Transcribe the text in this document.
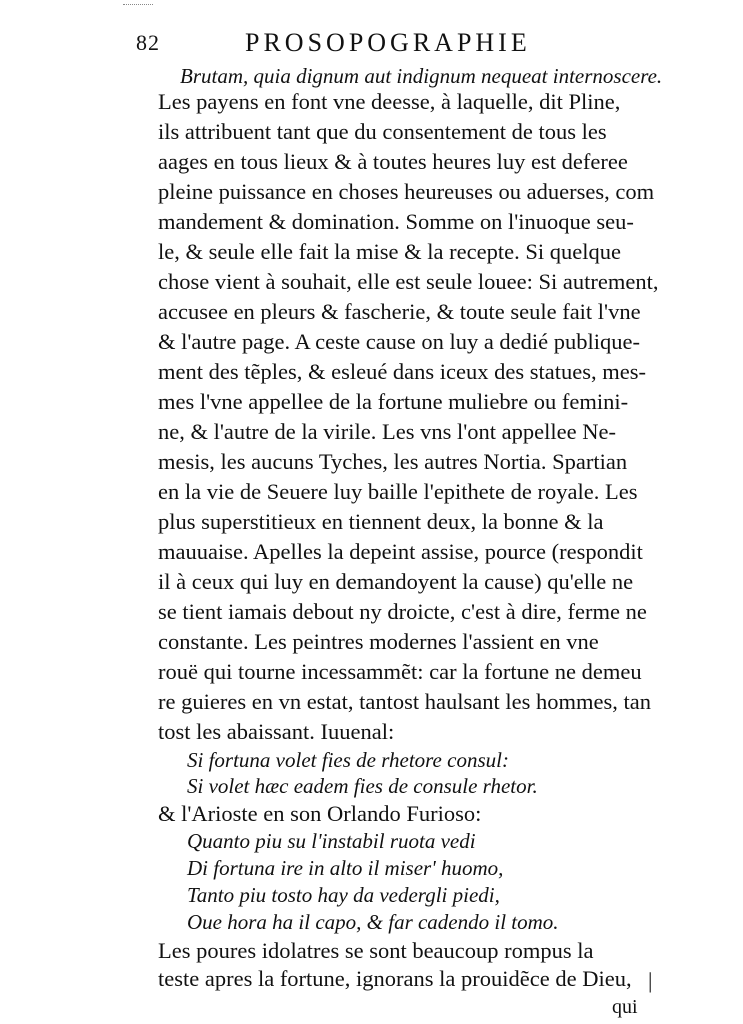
82	PROSOPOGRAPHIE
Brutam, quia dignum aut indignum nequeat internoscere.
Les payens en font vne deesse, à laquelle, dit Pline,
ils attribuent tant que du consentement de tous les
aages en tous lieux & à toutes heures luy est deferee
pleine puissance en choses heureuses ou aduerses, com
mandement & domination. Somme on l'inuoque seu-
le, & seule elle fait la mise & la recepte. Si quelque
chose vient à souhait, elle est seule louee: Si autrement,
accusee en pleurs & fascherie, & toute seule fait l'vne
& l'autre page. A ceste cause on luy a dedié publique-
ment des tẽples, & esleué dans iceux des statues, mes-
mes l'vne appellee de la fortune muliebre ou femini-
ne, & l'autre de la virile. Les vns l'ont appellee Ne-
mesis, les aucuns Tyches, les autres Nortia. Spartian
en la vie de Seuere luy baille l'epithete de royale. Les
plus superstitieux en tiennent deux, la bonne & la
mauuaise. Apelles la depeint assise, pource (respondit
il à ceux qui luy en demandoyent la cause) qu'elle ne
se tient iamais debout ny droicte, c'est à dire, ferme ne
constante. Les peintres modernes l'assient en vne
rouë qui tourne incessammẽt: car la fortune ne demeu
re guieres en vn estat, tantost haulsant les hommes, tan
tost les abaissant. Iuuenal:
Si fortuna volet fies de rhetore consul:
Si volet hæc eadem fies de consule rhetor.
& l'Arioste en son Orlando Furioso:
Quanto piu su l'instabil ruota vedi
Di fortuna ire in alto il miser' huomo,
Tanto piu tosto hay da vedergli piedi,
Oue hora ha il capo, & far cadendo il tomo.
Les poures idolatres se sont beaucoup rompus la
teste apres la fortune, ignorans la prouidẽce de Dieu,
qui
|
